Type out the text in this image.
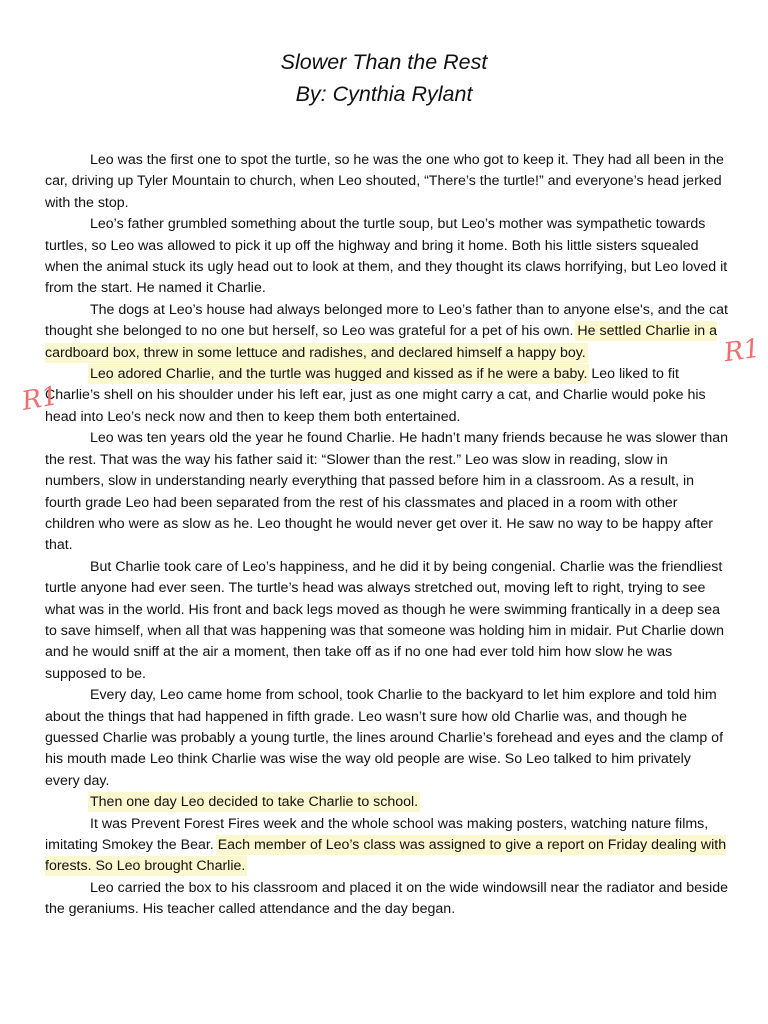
Slower Than the Rest
By: Cynthia Rylant

Leo was the first one to spot the turtle, so he was the one who got to keep it. They had all been in the car, driving up Tyler Mountain to church, when Leo shouted, “There’s the turtle!” and everyone’s head jerked with the stop.

Leo’s father grumbled something about the turtle soup, but Leo’s mother was sympathetic towards turtles, so Leo was allowed to pick it up off the highway and bring it home. Both his little sisters squealed when the animal stuck its ugly head out to look at them, and they thought its claws horrifying, but Leo loved it from the start. He named it Charlie.

The dogs at Leo’s house had always belonged more to Leo’s father than to anyone else's, and the cat thought she belonged to no one but herself, so Leo was grateful for a pet of his own. He settled Charlie in a cardboard box, threw in some lettuce and radishes, and declared himself a happy boy.

Leo adored Charlie, and the turtle was hugged and kissed as if he were a baby. Leo liked to fit Charlie’s shell on his shoulder under his left ear, just as one might carry a cat, and Charlie would poke his head into Leo’s neck now and then to keep them both entertained.

Leo was ten years old the year he found Charlie. He hadn’t many friends because he was slower than the rest. That was the way his father said it: “Slower than the rest.” Leo was slow in reading, slow in numbers, slow in understanding nearly everything that passed before him in a classroom. As a result, in fourth grade Leo had been separated from the rest of his classmates and placed in a room with other children who were as slow as he. Leo thought he would never get over it. He saw no way to be happy after that.

But Charlie took care of Leo’s happiness, and he did it by being congenial. Charlie was the friendliest turtle anyone had ever seen. The turtle’s head was always stretched out, moving left to right, trying to see what was in the world. His front and back legs moved as though he were swimming frantically in a deep sea to save himself, when all that was happening was that someone was holding him in midair. Put Charlie down and he would sniff at the air a moment, then take off as if no one had ever told him how slow he was supposed to be.

Every day, Leo came home from school, took Charlie to the backyard to let him explore and told him about the things that had happened in fifth grade. Leo wasn’t sure how old Charlie was, and though he guessed Charlie was probably a young turtle, the lines around Charlie’s forehead and eyes and the clamp of his mouth made Leo think Charlie was wise the way old people are wise. So Leo talked to him privately every day.

Then one day Leo decided to take Charlie to school.

It was Prevent Forest Fires week and the whole school was making posters, watching nature films, imitating Smokey the Bear. Each member of Leo’s class was assigned to give a report on Friday dealing with forests. So Leo brought Charlie.

Leo carried the box to his classroom and placed it on the wide windowsill near the radiator and beside the geraniums. His teacher called attendance and the day began.

R1
R1
